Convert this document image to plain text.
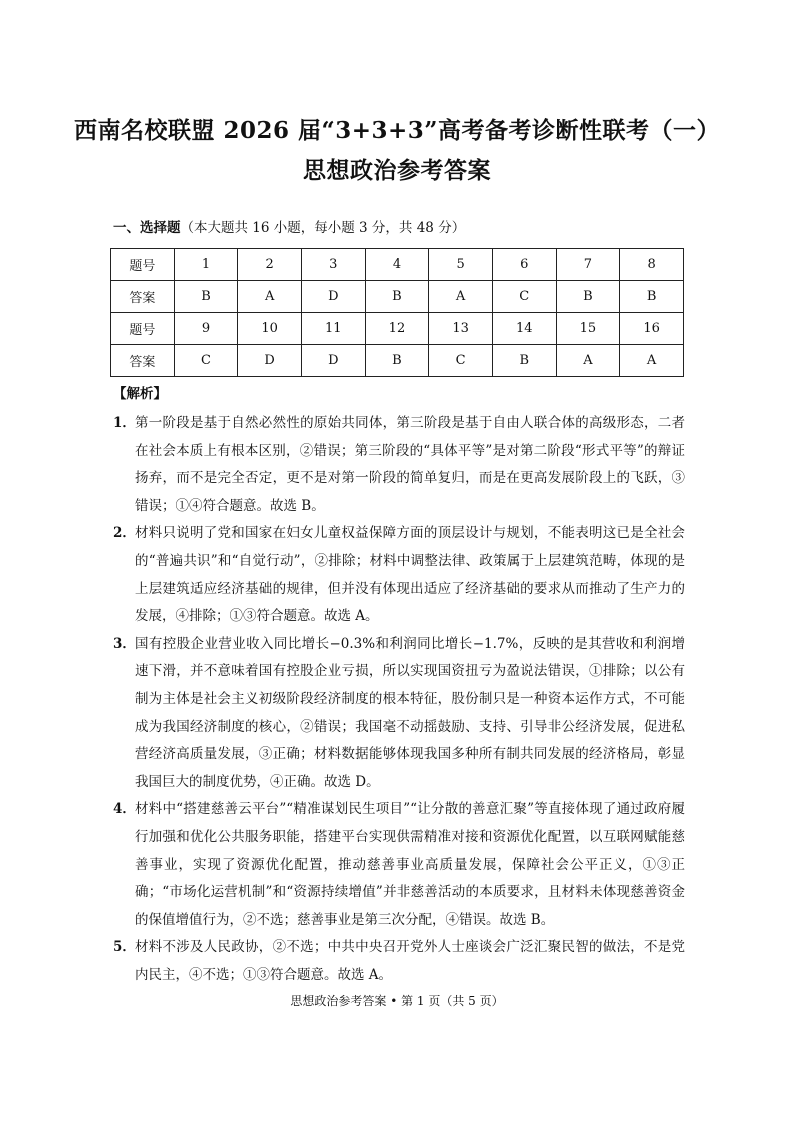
西南名校联盟 2026 届“3+3+3”高考备考诊断性联考（一）
思想政治参考答案
一、选择题（本大题共 16 小题，每小题 3 分，共 48 分）
题号	1	2	3	4	5	6	7	8
答案	B	A	D	B	A	C	B	B
题号	9	10	11	12	13	14	15	16
答案	C	D	D	B	C	B	A	A
【解析】

1． 第一阶段是基于自然必然性的原始共同体，第三阶段是基于自由人联合体的高级形态，二者在社会本质上有根本区别，②错误；第三阶段的“具体平等”是对第二阶段“形式平等”的辩证扬弃，而不是完全否定，更不是对第一阶段的简单复归，而是在更高发展阶段上的飞跃，③错误；①④符合题意。故选 B。

2． 材料只说明了党和国家在妇女儿童权益保障方面的顶层设计与规划，不能表明这已是全社会的“普遍共识”和“自觉行动”，②排除；材料中调整法律、政策属于上层建筑范畴，体现的是上层建筑适应经济基础的规律，但并没有体现出适应了经济基础的要求从而推动了生产力的发展，④排除；①③符合题意。故选 A。

3． 国有控股企业营业收入同比增长−0.3%和利润同比增长−1.7%，反映的是其营收和利润增速下滑，并不意味着国有控股企业亏损，所以实现国资扭亏为盈说法错误，①排除；以公有制为主体是社会主义初级阶段经济制度的根本特征，股份制只是一种资本运作方式，不可能成为我国经济制度的核心，②错误；我国毫不动摇鼓励、支持、引导非公经济发展，促进私营经济高质量发展，③正确；材料数据能够体现我国多种所有制共同发展的经济格局，彰显我国巨大的制度优势，④正确。故选 D。

4． 材料中“搭建慈善云平台”“精准谋划民生项目”“让分散的善意汇聚”等直接体现了通过政府履行加强和优化公共服务职能，搭建平台实现供需精准对接和资源优化配置，以互联网赋能慈善事业，实现了资源优化配置，推动慈善事业高质量发展，保障社会公平正义，①③正确；“市场化运营机制”和“资源持续增值”并非慈善活动的本质要求，且材料未体现慈善资金的保值增值行为，②不选；慈善事业是第三次分配，④错误。故选 B。

5． 材料不涉及人民政协，②不选；中共中央召开党外人士座谈会广泛汇聚民智的做法，不是党内民主，④不选；①③符合题意。故选 A。

思想政治参考答案 • 第 1 页（共 5 页）
